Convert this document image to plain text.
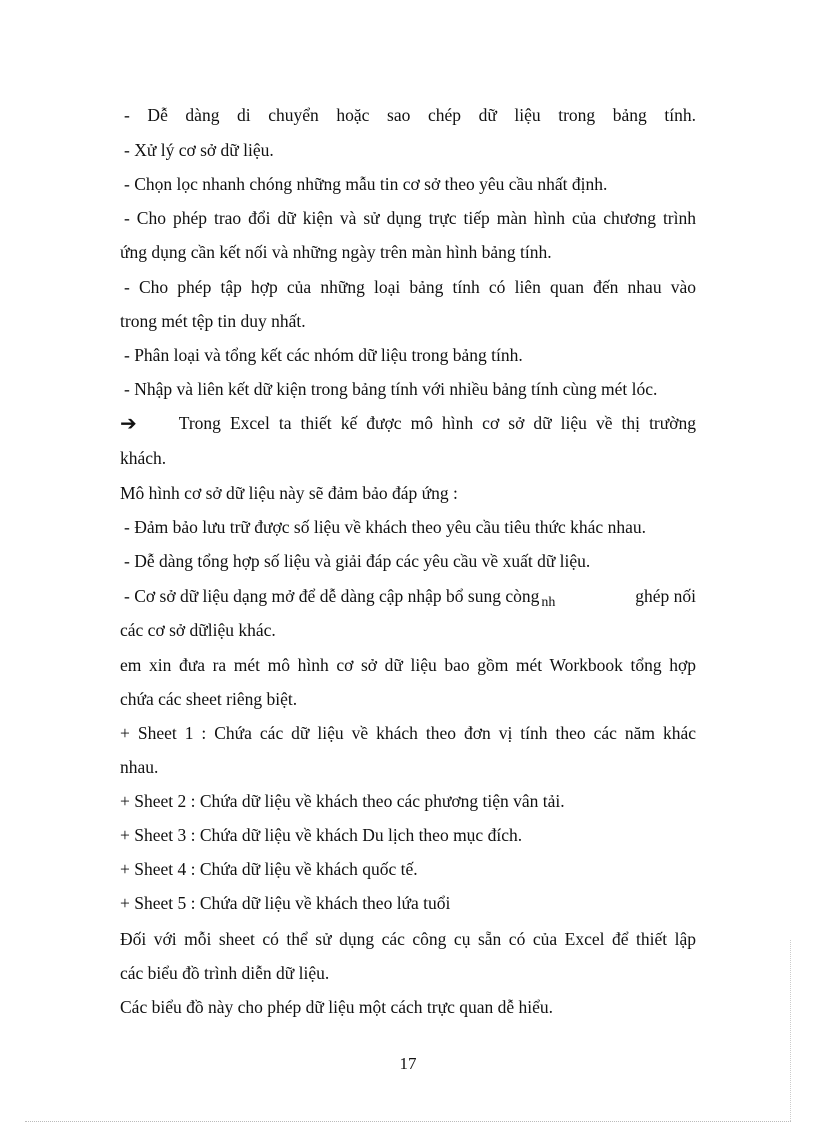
- Dễ dàng di chuyển hoặc sao chép dữ liệu trong bảng tính.
- Xử lý cơ sở dữ liệu.
- Chọn lọc nhanh chóng những mẫu tin cơ sở theo yêu cầu nhất định.
- Cho phép trao đổi dữ kiện và sử dụng trực tiếp màn hình của chương trình
ứng dụng cần kết nối và những ngày trên màn hình bảng tính.
- Cho phép tập hợp của những loại bảng tính có liên quan đến nhau vào
trong mét tệp tin duy nhất.
- Phân loại và tổng kết các nhóm dữ liệu trong bảng tính.
- Nhập và liên kết dữ kiện trong bảng tính với nhiều bảng tính cùng mét lóc.
➔ Trong Excel ta thiết kế được mô hình cơ sở dữ liệu về thị trường
khách.
Mô hình cơ sở dữ liệu này sẽ đảm bảo đáp ứng :
- Đảm bảo lưu trữ được số liệu về khách theo yêu cầu tiêu thức khác nhau.
- Dễ dàng tổng hợp số liệu và giải đáp các yêu cầu về xuất dữ liệu.
- Cơ sở dữ liệu dạng mở để dễ dàng cập nhập bổ sung còng $_{nh}$	ghép nối
các cơ sở dữliệu khác.
em xin đưa ra mét mô hình cơ sở dữ liệu bao gồm mét Workbook tổng hợp
chứa các sheet riêng biệt.
+ Sheet 1 : Chứa các dữ liệu về khách theo đơn vị tính theo các năm khác
nhau.
+ Sheet 2 : Chứa dữ liệu về khách theo các phương tiện vân tải.
+ Sheet 3 : Chứa dữ liệu về khách Du lịch theo mục đích.
+ Sheet 4 : Chứa dữ liệu về khách quốc tế.
+ Sheet 5 : Chứa dữ liệu về khách theo lứa tuổi
Đối với mỗi sheet có thể sử dụng các công cụ sẵn có của Excel để thiết lập
các biểu đồ trình diễn dữ liệu.
Các biểu đồ này cho phép dữ liệu một cách trực quan dễ hiểu.
17
